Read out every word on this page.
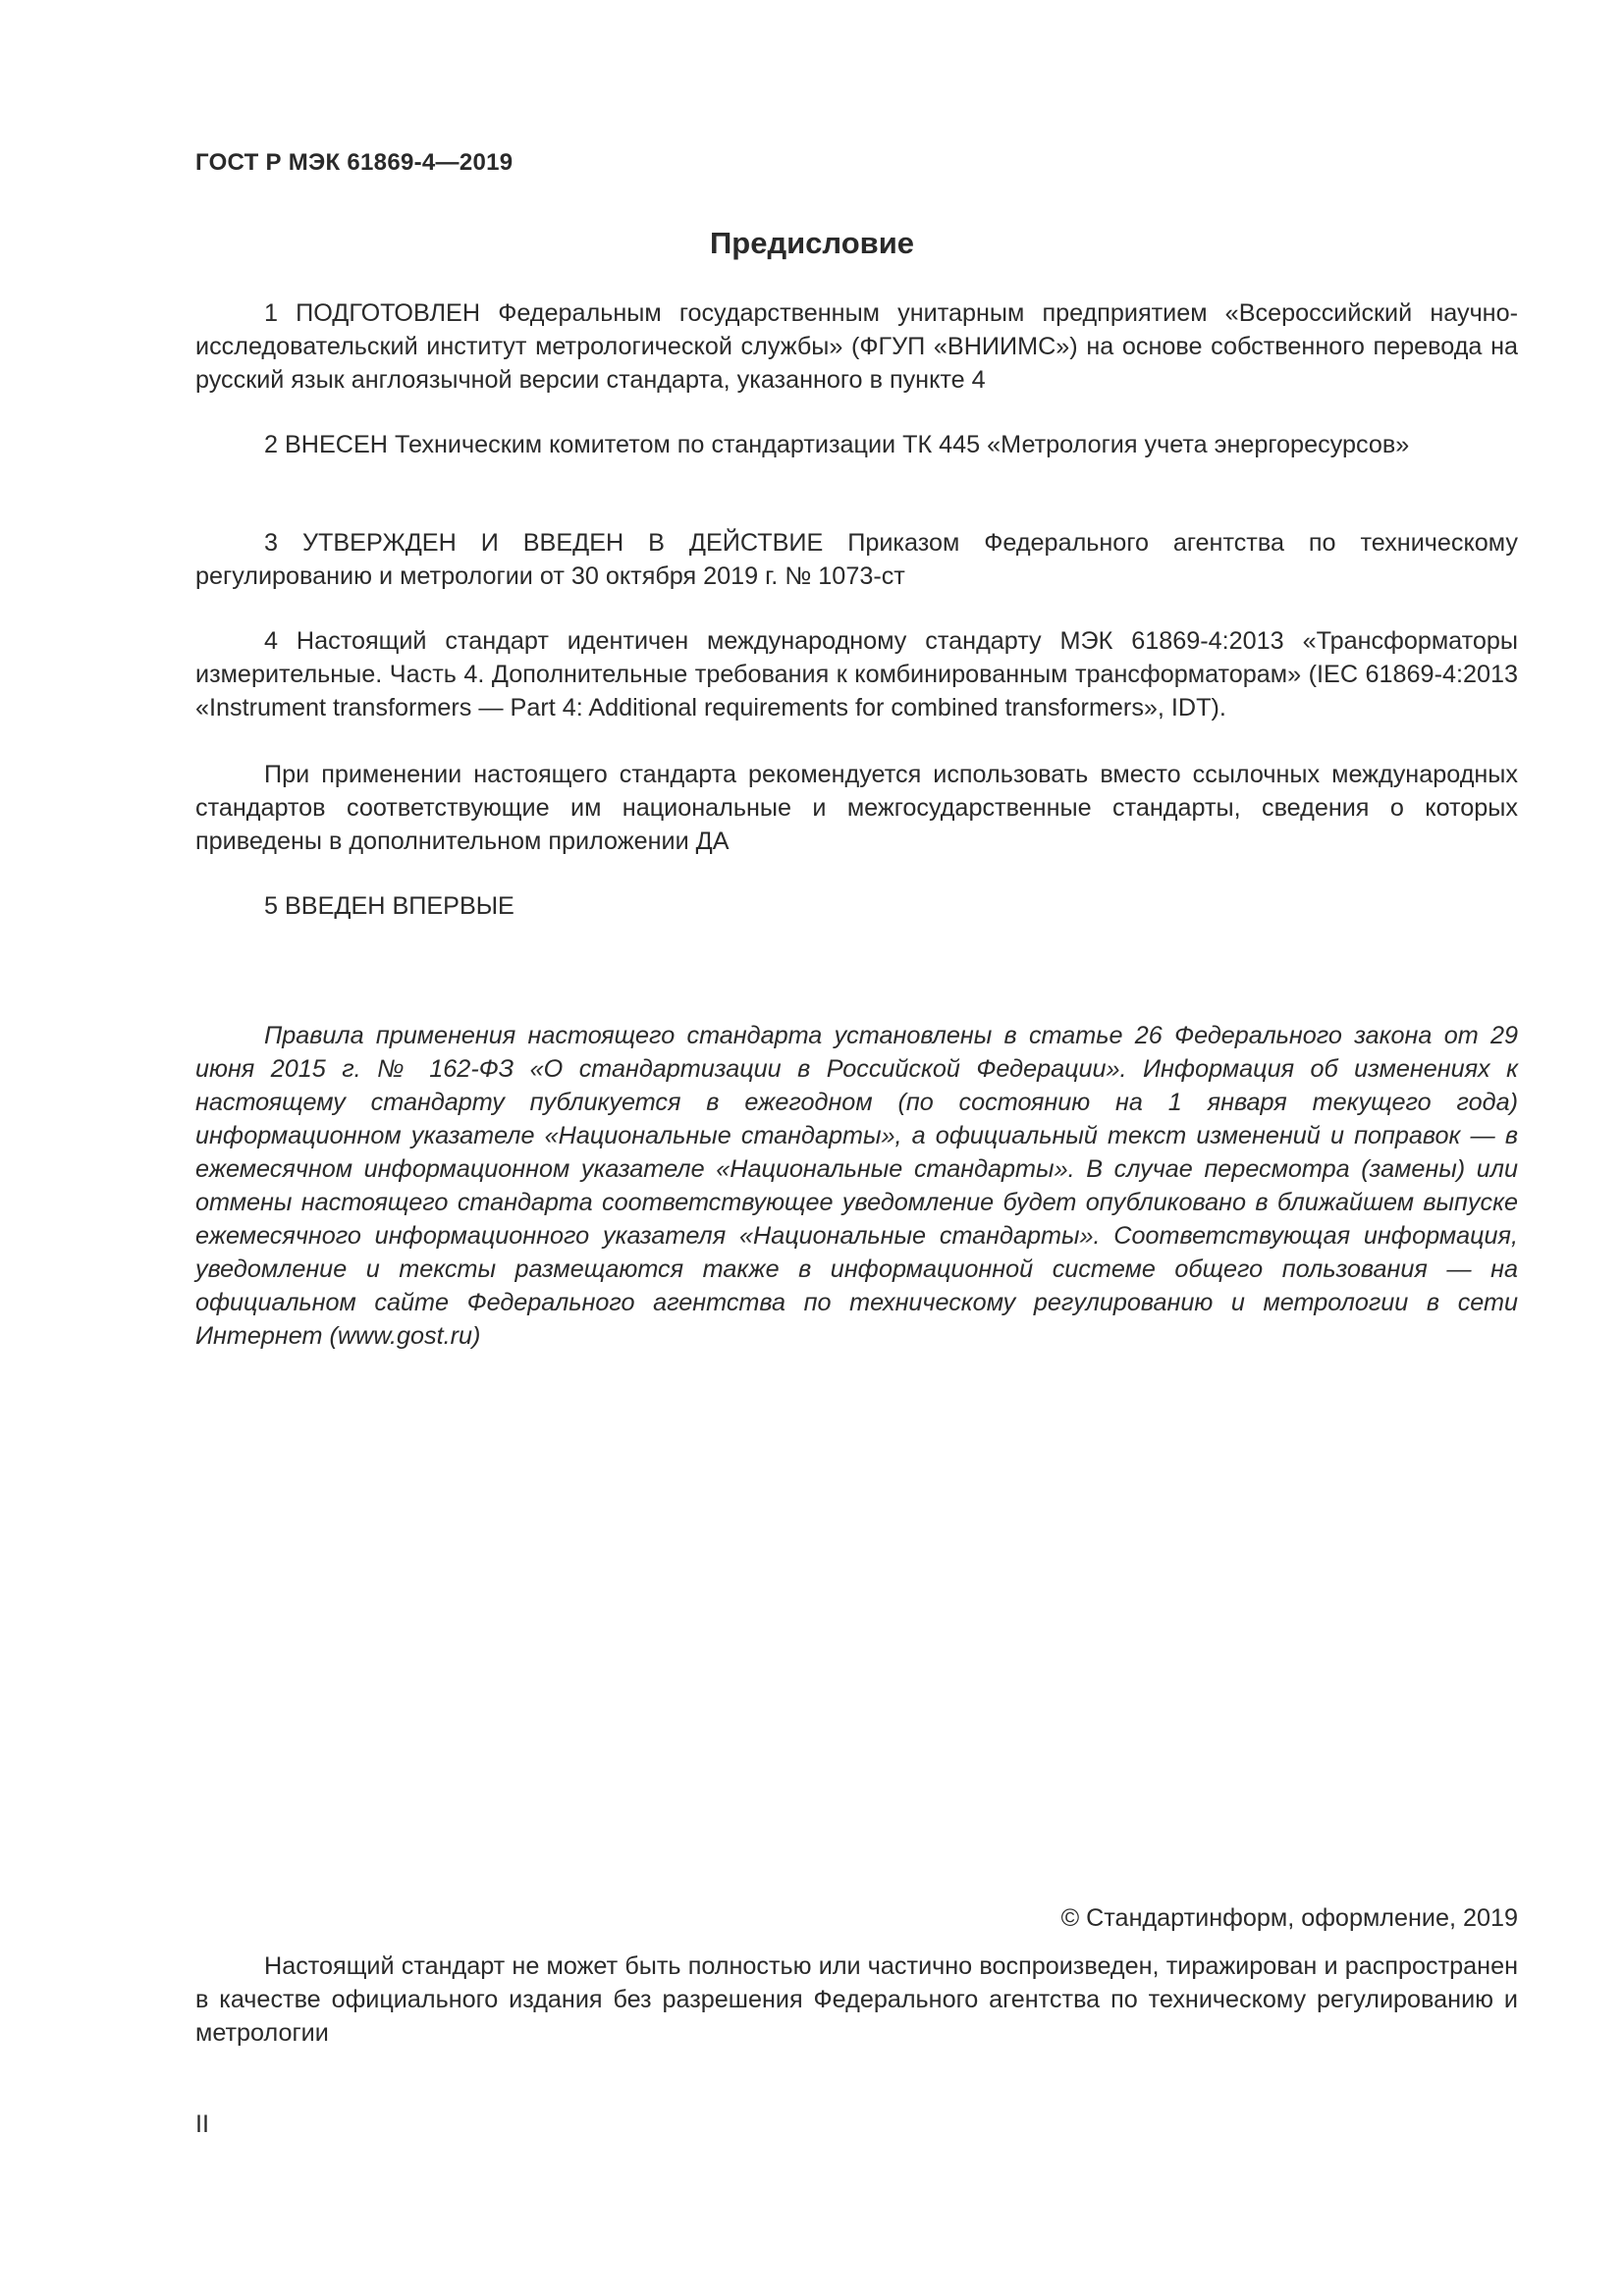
ГОСТ Р МЭК 61869-4—2019

Предисловие

1 ПОДГОТОВЛЕН Федеральным государственным унитарным предприятием «Всероссийский научно-исследовательский институт метрологической службы» (ФГУП «ВНИИМС») на основе собственного перевода на русский язык англоязычной версии стандарта, указанного в пункте 4

2 ВНЕСЕН Техническим комитетом по стандартизации ТК 445 «Метрология учета энергоресурсов»

3 УТВЕРЖДЕН И ВВЕДЕН В ДЕЙСТВИЕ Приказом Федерального агентства по техническому регулированию и метрологии от 30 октября 2019 г. № 1073-ст

4 Настоящий стандарт идентичен международному стандарту МЭК 61869-4:2013 «Трансформаторы измерительные. Часть 4. Дополнительные требования к комбинированным трансформаторам» (IEC 61869-4:2013 «Instrument transformers — Part 4: Additional requirements for combined transformers», IDT).

При применении настоящего стандарта рекомендуется использовать вместо ссылочных международных стандартов соответствующие им национальные и межгосударственные стандарты, сведения о которых приведены в дополнительном приложении ДА

5 ВВЕДЕН ВПЕРВЫЕ

Правила применения настоящего стандарта установлены в статье 26 Федерального закона от 29 июня 2015 г. № 162-ФЗ «О стандартизации в Российской Федерации». Информация об изменениях к настоящему стандарту публикуется в ежегодном (по состоянию на 1 января текущего года) информационном указателе «Национальные стандарты», а официальный текст изменений и поправок — в ежемесячном информационном указателе «Национальные стандарты». В случае пересмотра (замены) или отмены настоящего стандарта соответствующее уведомление будет опубликовано в ближайшем выпуске ежемесячного информационного указателя «Национальные стандарты». Соответствующая информация, уведомление и тексты размещаются также в информационной системе общего пользования — на официальном сайте Федерального агентства по техническому регулированию и метрологии в сети Интернет (www.gost.ru)

© Стандартинформ, оформление, 2019

Настоящий стандарт не может быть полностью или частично воспроизведен, тиражирован и распространен в качестве официального издания без разрешения Федерального агентства по техническому регулированию и метрологии

II
